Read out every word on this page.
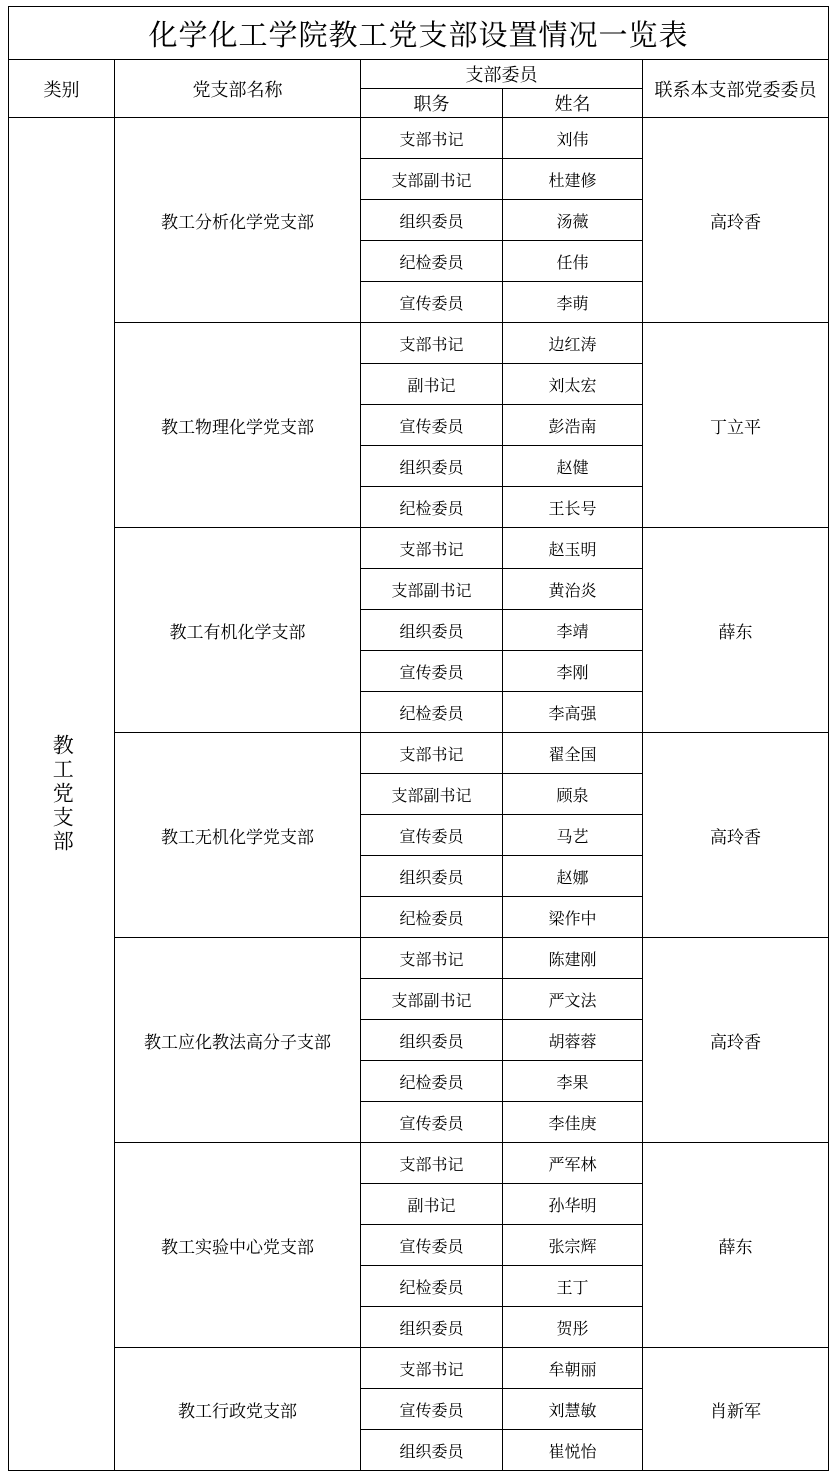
化学化工学院教工党支部设置情况一览表				
类别	党支部名称	支部委员		联系本支部党委委员
		职务	姓名	

教工党支部	教工分析化学党支部	支部书记	刘伟	高玲香
		支部副书记	杜建修	
		组织委员	汤薇	
		纪检委员	任伟	
		宣传委员	李萌	
	教工物理化学党支部	支部书记	边红涛	丁立平
		副书记	刘太宏	
		宣传委员	彭浩南	
		组织委员	赵健	
		纪检委员	王长号	
	教工有机化学支部	支部书记	赵玉明	薛东
		支部副书记	黄治炎	
		组织委员	李靖	
		宣传委员	李刚	
		纪检委员	李高强	
	教工无机化学党支部	支部书记	翟全国	高玲香
		支部副书记	顾泉	
		宣传委员	马艺	
		组织委员	赵娜	
		纪检委员	梁作中	
	教工应化教法高分子支部	支部书记	陈建刚	高玲香
		支部副书记	严文法	
		组织委员	胡蓉蓉	
		纪检委员	李果	
		宣传委员	李佳庚	
	教工实验中心党支部	支部书记	严军林	薛东
		副书记	孙华明	
		宣传委员	张宗辉	
		纪检委员	王丁	
		组织委员	贺彤	
	教工行政党支部	支部书记	牟朝丽	肖新军
		宣传委员	刘慧敏	
		组织委员	崔悦怡	
